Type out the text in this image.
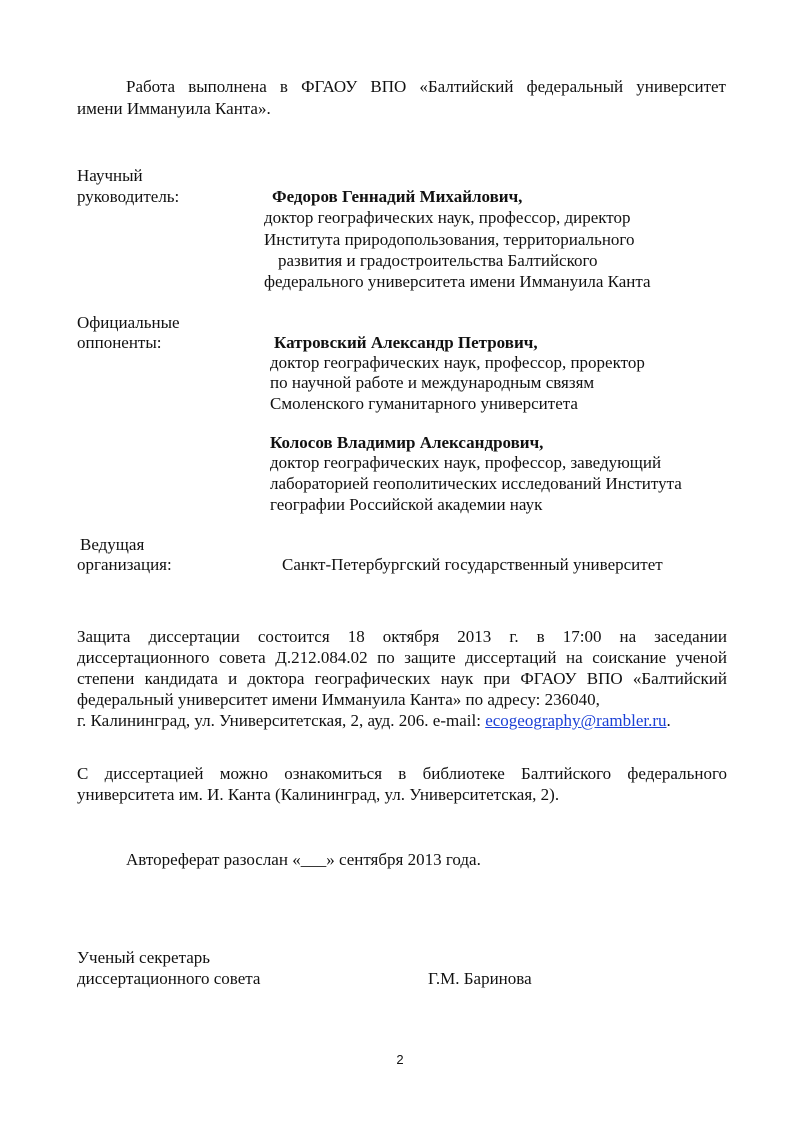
Работа выполнена в ФГАОУ ВПО «Балтийский федеральный университет
имени Иммануила Канта».
Научный
руководитель:	Федоров Геннадий Михайлович,
доктор географических наук, профессор, директор
Института природопользования, территориального
развития и градостроительства Балтийского
федерального университета имени Иммануила Канта
Официальные
оппоненты:	Катровский Александр Петрович,
доктор географических наук, профессор, проректор
по научной работе и международным связям
Смоленского гуманитарного университета
Колосов Владимир Александрович,
доктор географических наук, профессор, заведующий
лабораторией геополитических исследований Института
географии Российской академии наук
Ведущая
организация:	Санкт-Петербургский государственный университет
Защита диссертации состоится 18 октября 2013 г. в 17:00 на заседании
диссертационного совета Д.212.084.02 по защите диссертаций на соискание ученой
степени кандидата и доктора географических наук при ФГАОУ ВПО «Балтийский
федеральный университет имени Иммануила Канта» по адресу: 236040,
г. Калининград, ул. Университетская, 2, ауд. 206. e-mail: ecogeography@rambler.ru.
С диссертацией можно ознакомиться в библиотеке Балтийского федерального
университета им. И. Канта (Калининград, ул. Университетская, 2).
Автореферат разослан «___» сентября 2013 года.
Ученый секретарь
диссертационного совета	Г.М. Баринова
2
